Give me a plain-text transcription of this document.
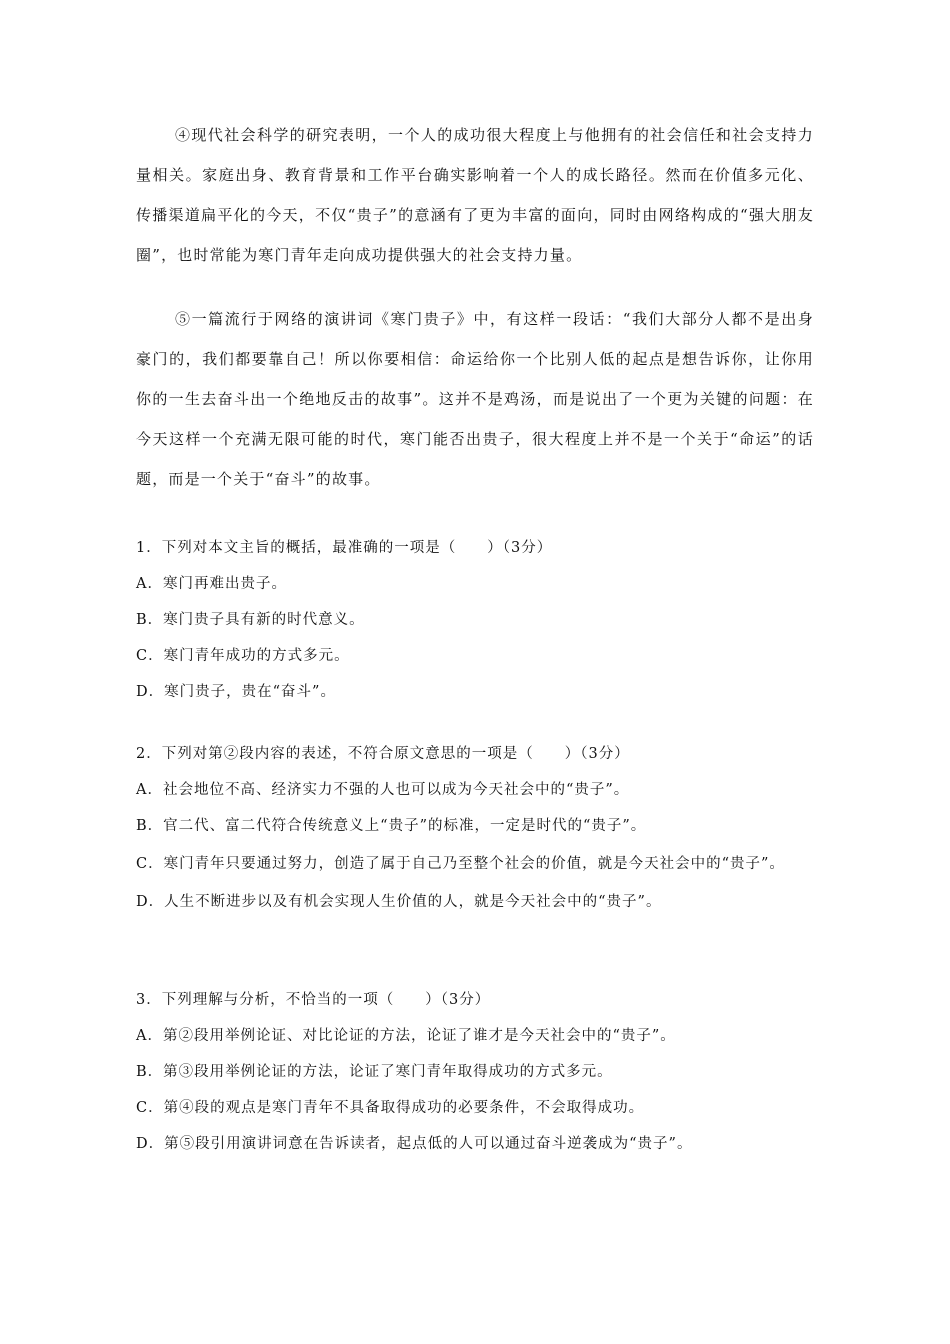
④现代社会科学的研究表明，一个人的成功很大程度上与他拥有的社会信任和社会支持力量相关。家庭出身、教育背景和工作平台确实影响着一个人的成长路径。然而在价值多元化、传播渠道扁平化的今天，不仅“贵子”的意涵有了更为丰富的面向，同时由网络构成的“强大朋友圈”，也时常能为寒门青年走向成功提供强大的社会支持力量。

⑤一篇流行于网络的演讲词《寒门贵子》中，有这样一段话：“我们大部分人都不是出身豪门的，我们都要靠自己！所以你要相信：命运给你一个比别人低的起点是想告诉你，让你用你的一生去奋斗出一个绝地反击的故事”。这并不是鸡汤，而是说出了一个更为关键的问题：在今天这样一个充满无限可能的时代，寒门能否出贵子，很大程度上并不是一个关于“命运”的话题，而是一个关于“奋斗”的故事。

1．下列对本文主旨的概括，最准确的一项是（　　）（3分）

A．寒门再难出贵子。

B．寒门贵子具有新的时代意义。

C．寒门青年成功的方式多元。

D．寒门贵子，贵在“奋斗”。

2．下列对第②段内容的表述，不符合原文意思的一项是（　　）（3分）

A．社会地位不高、经济实力不强的人也可以成为今天社会中的“贵子”。

B．官二代、富二代符合传统意义上“贵子”的标准，一定是时代的“贵子”。

C．寒门青年只要通过努力，创造了属于自己乃至整个社会的价值，就是今天社会中的“贵子”。

D．人生不断进步以及有机会实现人生价值的人，就是今天社会中的“贵子”。

3．下列理解与分析，不恰当的一项（　　）（3分）

A．第②段用举例论证、对比论证的方法，论证了谁才是今天社会中的“贵子”。

B．第③段用举例论证的方法，论证了寒门青年取得成功的方式多元。

C．第④段的观点是寒门青年不具备取得成功的必要条件，不会取得成功。

D．第⑤段引用演讲词意在告诉读者，起点低的人可以通过奋斗逆袭成为“贵子”。
